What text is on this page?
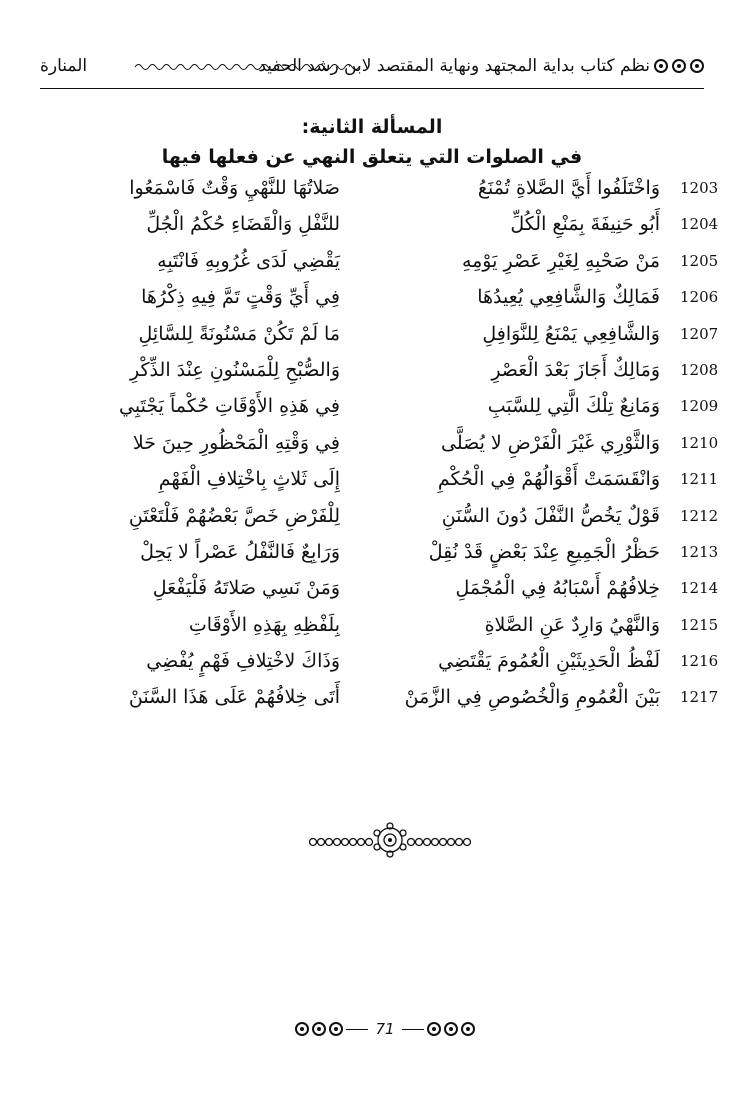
نظم كتاب بداية المجتهد ونهاية المقتصد لابن رشد الحفيد
المنارة
المسألة الثانية:
في الصلوات التي يتعلق النهي عن فعلها فيها
1203
وَاخْتَلَفُوا أَيَّ الصَّلاةِ تُمْنَعُ
صَلاتُهَا للنَّهْيِ وَقْتٌ فَاسْمَعُوا
1204
أَبُو حَنِيفَةَ بِمَنْعِ الْكُلِّ
للنَّفْلِ وَالْقَضَاءِ حُكْمُ الْجُلِّ
1205
مَنْ صَحْبِهِ لِغَيْرِ عَصْرِ يَوْمِهِ
يَقْضِي لَدَى غُرُوبِهِ فَانْتَبِهِ
1206
فَمَالِكٌ وَالشَّافِعِي يُعِيدُهَا
فِي أَيِّ وَقْتٍ تَمَّ فِيهِ ذِكْرُهَا
1207
وَالشَّافِعِي يَمْنَعُ لِلنَّوَافِلِ
مَا لَمْ تَكُنْ مَسْنُونَةً لِلسَّائِلِ
1208
وَمَالِكٌ أَجَازَ بَعْدَ الْعَصْرِ
وَالصُّبْحِ لِلْمَسْنُونِ عِنْدَ الذِّكْرِ
1209
وَمَانِعٌ تِلْكَ الَّتِي لِلسَّبَبِ
فِي هَذِهِ الأَوْقَاتِ حُكْماً يَجْتَبِي
1210
وَالثَّوْرِي غَيْرَ الْفَرْضِ لا يُصَلَّى
فِي وَقْتِهِ الْمَحْظُورِ حِينَ حَلا
1211
وَانْقَسَمَتْ أَقْوَالُهُمْ فِي الْحُكْمِ
إِلَى ثَلاثٍ بِاخْتِلافِ الْفَهْمِ
1212
قَوْلٌ يَخُصُّ النَّفْلَ دُونَ السُّنَنِ
لِلْفَرْضِ خَصَّ بَعْضُهُمْ فَلْتَعْتَنِ
1213
حَظْرُ الْجَمِيعِ عِنْدَ بَعْضٍ قَدْ نُقِلْ
وَرَابِعٌ فَالنَّفْلُ عَصْراً لا يَحِلْ
1214
خِلافُهُمْ أَسْبَابُهُ فِي الْمُجْمَلِ
وَمَنْ نَسِي صَلاتَهُ فَلْيَفْعَلِ
1215
وَالنَّهْيُ وَارِدٌ عَنِ الصَّلاةِ
بِلَفْظِهِ بِهَذِهِ الأَوْقَاتِ
1216
لَفْظُ الْحَدِيثَيْنِ الْعُمُومَ يَقْتَضِي
وَذَاكَ لاخْتِلافِ فَهْمٍ يُفْضِي
1217
بَيْنَ الْعُمُومِ وَالْخُصُوصِ فِي الزَّمَنْ
أَتَى خِلافُهُمْ عَلَى هَذَا السَّنَنْ
71
